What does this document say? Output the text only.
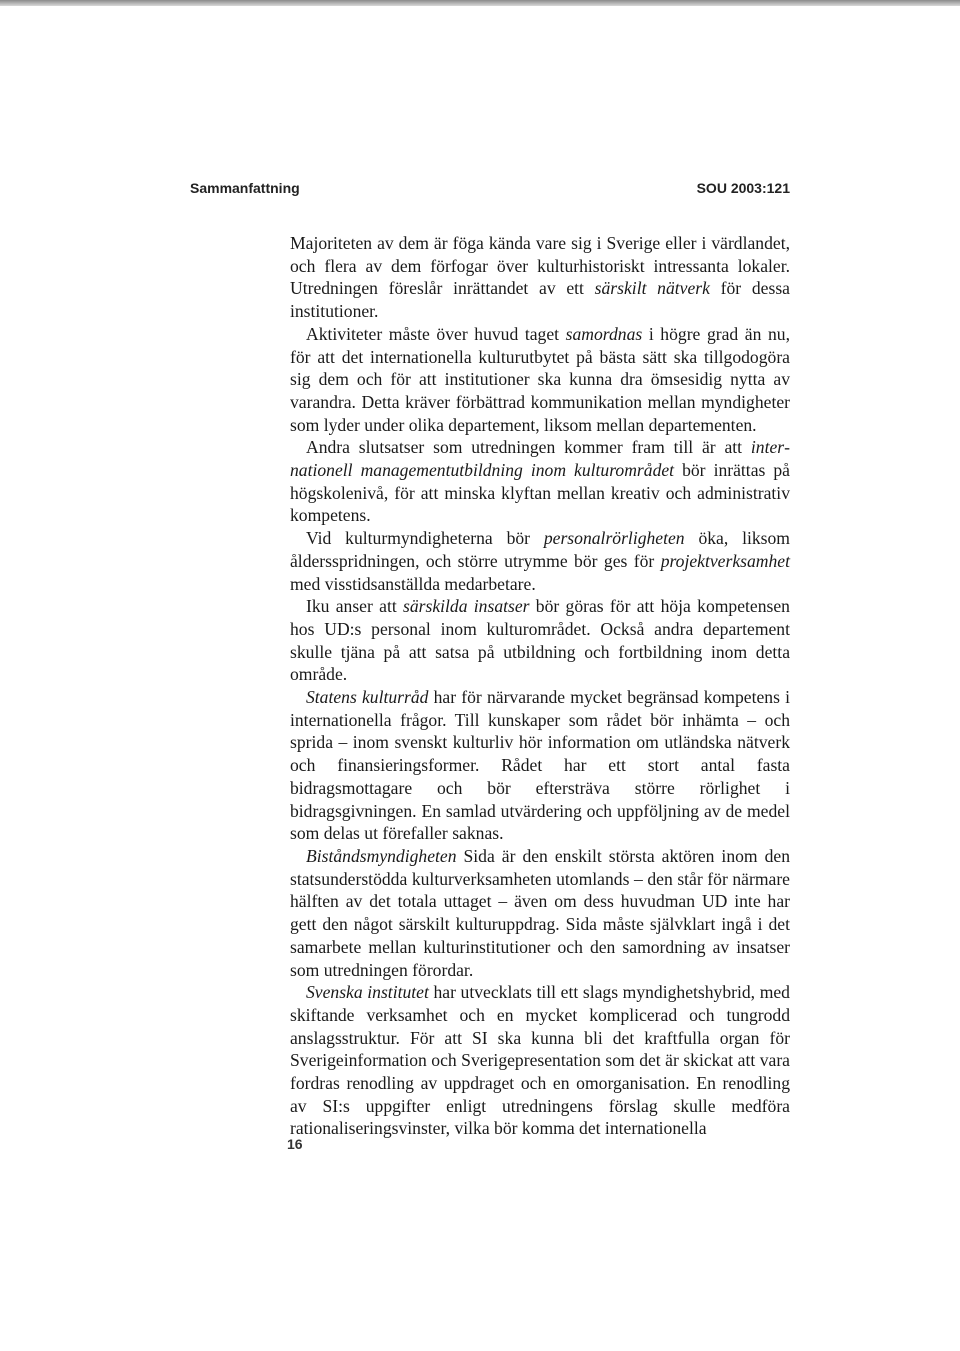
Sammanfattning	SOU 2003:121

Majoriteten av dem är föga kända vare sig i Sverige eller i värdlandet, och flera av dem förfogar över kulturhistoriskt intressanta lokaler. Utredningen föreslår inrättandet av ett särskilt nätverk för dessa institutioner.

Aktiviteter måste över huvud taget samordnas i högre grad än nu, för att det internationella kulturutbytet på bästa sätt ska tillgodogöra sig dem och för att institutioner ska kunna dra ömsesidig nytta av varandra. Detta kräver förbättrad kommunikation mellan myndigheter som lyder under olika departement, liksom mellan departementen.

Andra slutsatser som utredningen kommer fram till är att internationell managementutbildning inom kulturområdet bör inrättas på högskolenivå, för att minska klyftan mellan kreativ och administrativ kompetens.

Vid kulturmyndigheterna bör personalrörligheten öka, liksom åldersspridningen, och större utrymme bör ges för projektverksamhet med visstidsanställda medarbetare.

Iku anser att särskilda insatser bör göras för att höja kompetensen hos UD:s personal inom kulturområdet. Också andra departement skulle tjäna på att satsa på utbildning och fortbildning inom detta område.

Statens kulturråd har för närvarande mycket begränsad kompetens i internationella frågor. Till kunskaper som rådet bör inhämta – och sprida – inom svenskt kulturliv hör information om utländska nätverk och finansieringsformer. Rådet har ett stort antal fasta bidragsmottagare och bör eftersträva större rörlighet i bidragsgivningen. En samlad utvärdering och uppföljning av de medel som delas ut förefaller saknas.

Biståndsmyndigheten Sida är den enskilt största aktören inom den statsunderstödda kulturverksamheten utomlands – den står för närmare hälften av det totala uttaget – även om dess huvudman UD inte har gett den något särskilt kulturuppdrag. Sida måste självklart ingå i det samarbete mellan kulturinstitutioner och den samordning av insatser som utredningen förordar.

Svenska institutet har utvecklats till ett slags myndighetshybrid, med skiftande verksamhet och en mycket komplicerad och tungrodd anslagsstruktur. För att SI ska kunna bli det kraftfulla organ för Sverigeinformation och Sverigepresentation som det är skickat att vara fordras renodling av uppdraget och en omorganisation. En renodling av SI:s uppgifter enligt utredningens förslag skulle medföra rationaliseringsvinster, vilka bör komma det internationella

16
